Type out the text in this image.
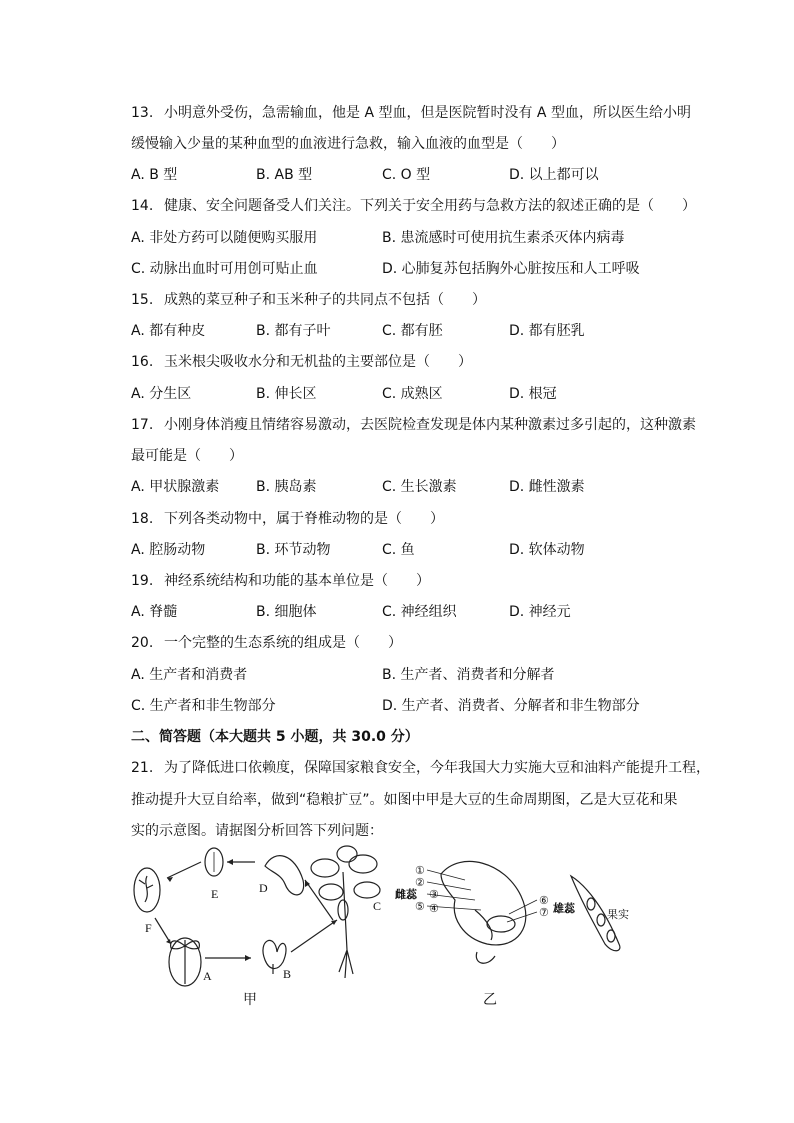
13. 小明意外受伤，急需输血，他是 A 型血，但是医院暂时没有 A 型血，所以医生给小明
缓慢输入少量的某种血型的血液进行急救，输入血液的血型是（　　）
A. B 型	B. AB 型	C. O 型	D. 以上都可以
14. 健康、安全问题备受人们关注。下列关于安全用药与急救方法的叙述正确的是（　　）
A. 非处方药可以随便购买服用	B. 患流感时可使用抗生素杀灭体内病毒
C. 动脉出血时可用创可贴止血	D. 心肺复苏包括胸外心脏按压和人工呼吸
15. 成熟的菜豆种子和玉米种子的共同点不包括（　　）
A. 都有种皮	B. 都有子叶	C. 都有胚	D. 都有胚乳
16. 玉米根尖吸收水分和无机盐的主要部位是（　　）
A. 分生区	B. 伸长区	C. 成熟区	D. 根冠
17. 小刚身体消瘦且情绪容易激动，去医院检查发现是体内某种激素过多引起的，这种激素
最可能是（　　）
A. 甲状腺激素	B. 胰岛素	C. 生长激素	D. 雌性激素
18. 下列各类动物中，属于脊椎动物的是（　　）
A. 腔肠动物	B. 环节动物	C. 鱼	D. 软体动物
19. 神经系统结构和功能的基本单位是（　　）
A. 脊髓	B. 细胞体	C. 神经组织	D. 神经元
20. 一个完整的生态系统的组成是（　　）
A. 生产者和消费者	B. 生产者、消费者和分解者
C. 生产者和非生物部分	D. 生产者、消费者、分解者和非生物部分
二、简答题（本大题共 5 小题，共 30.0 分）
21. 为了降低进口依赖度，保障国家粮食安全，今年我国大力实施大豆和油料产能提升工程，
推动提升大豆自给率，做到“稳粮扩豆”。如图中甲是大豆的生命周期图，乙是大豆花和果
实的示意图。请据图分析回答下列问题：
F
E	D
C
A	B
甲
雌蕊
①
②
⑤
③
④
⑥
⑦ 雄蕊	果实
乙
